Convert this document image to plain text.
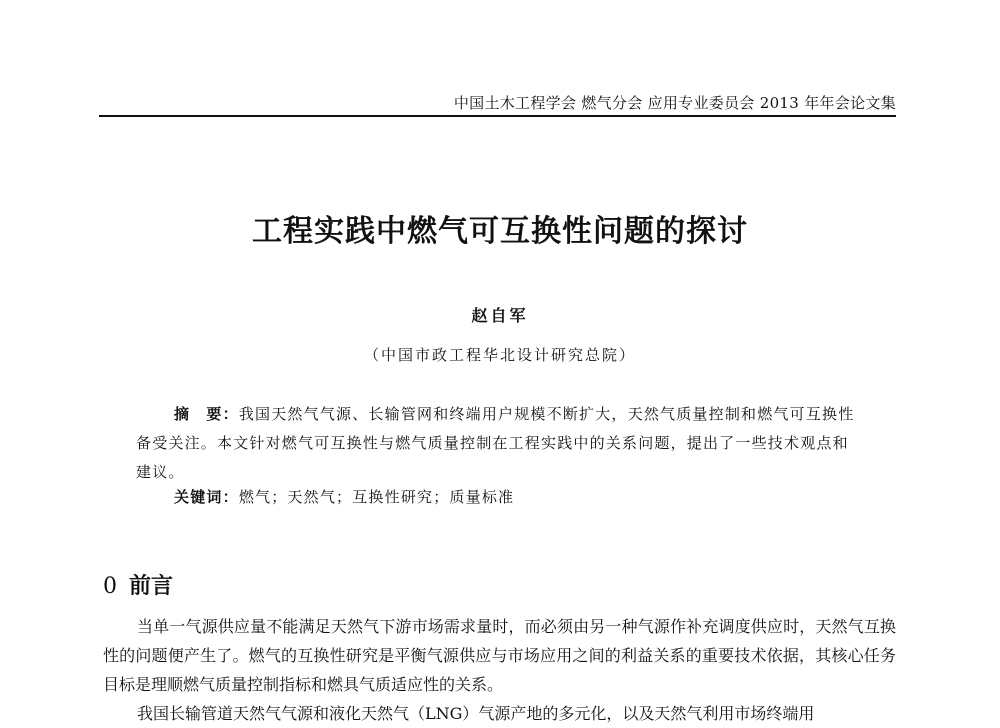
中国土木工程学会 燃气分会 应用专业委员会 2013 年年会论文集
工程实践中燃气可互换性问题的探讨
赵自军
（中国市政工程华北设计研究总院）

摘　要：我国天然气气源、长输管网和终端用户规模不断扩大，天然气质量控制和燃气可互换性备受关注。本文针对燃气可互换性与燃气质量控制在工程实践中的关系问题，提出了一些技术观点和建议。

关键词：燃气；天然气；互换性研究；质量标准
0 前言

当单一气源供应量不能满足天然气下游市场需求量时，而必须由另一种气源作补充调度供应时，天然气互换性的问题便产生了。燃气的互换性研究是平衡气源供应与市场应用之间的利益关系的重要技术依据，其核心任务目标是理顺燃气质量控制指标和燃具气质适应性的关系。

我国长输管道天然气气源和液化天然气（LNG）气源产地的多元化，以及天然气利用市场终端用
